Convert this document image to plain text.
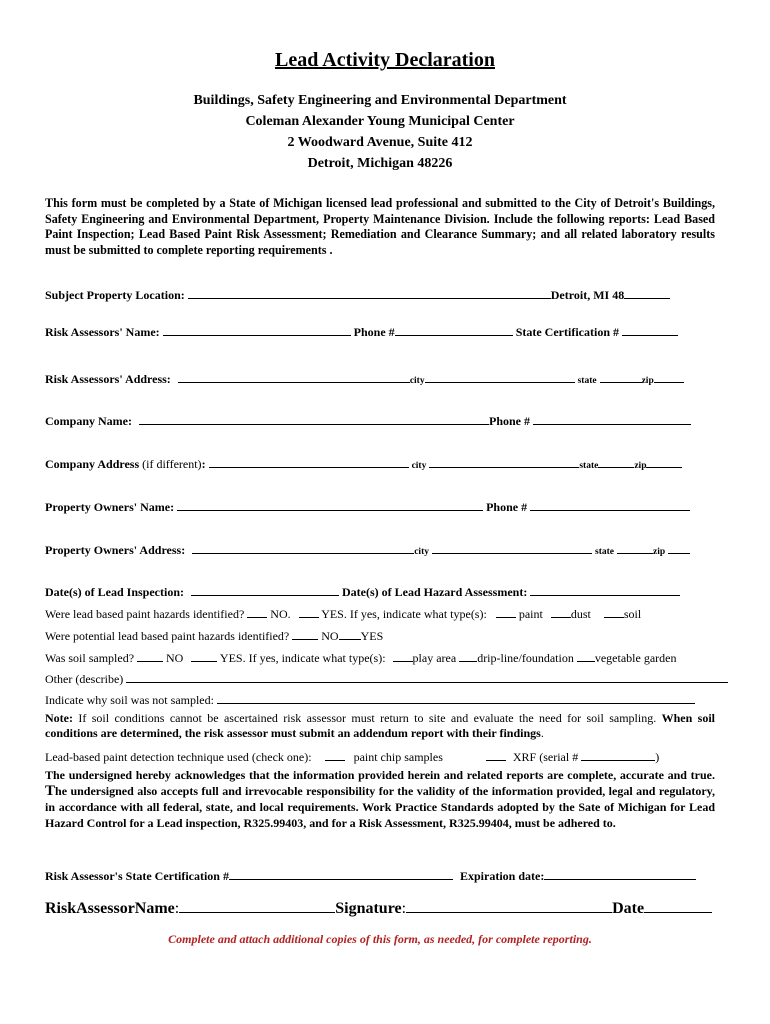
Lead Activity Declaration
Buildings, Safety Engineering and Environmental Department
Coleman Alexander Young Municipal Center
2 Woodward Avenue, Suite 412
Detroit, Michigan 48226
This form must be completed by a State of Michigan licensed lead professional and submitted to the City of Detroit's Buildings, Safety Engineering and Environmental Department, Property Maintenance Division. Include the following reports: Lead Based Paint Inspection; Lead Based Paint Risk Assessment; Remediation and Clearance Summary; and all related laboratory results must be submitted to complete reporting requirements .
Subject Property Location:	Detroit, MI 48
Risk Assessors' Name:	Phone #	State Certification #
Risk Assessors' Address:	city	state	zip
Company Name:	Phone #
Company Address (if different):	city	state	zip
Property Owners' Name:	Phone #
Property Owners' Address:	city	state	zip
Date(s) of Lead Inspection:	Date(s) of Lead Hazard Assessment:
Were lead based paint hazards identified? NO.	YES. If yes, indicate what type(s):	paint dust	soil
Were potential lead based paint hazards identified?	NO YES
Was soil sampled?	NO	YES. If yes, indicate what type(s): play area drip-line/foundation vegetable garden
Other (describe)
Indicate why soil was not sampled:
Note: If soil conditions cannot be ascertained risk assessor must return to site and evaluate the need for soil sampling. When soil conditions are determined, the risk assessor must submit an addendum report with their findings.
Lead-based paint detection technique used (check one):	paint chip samples	XRF (serial #	)
The undersigned hereby acknowledges that the information provided herein and related reports are complete, accurate and true. The undersigned also accepts full and irrevocable responsibility for the validity of the information provided, legal and regulatory, in accordance with all federal, state, and local requirements. Work Practice Standards adopted by the Sate of Michigan for Lead Hazard Control for a Lead inspection, R325.99403, and for a Risk Assessment, R325.99404, must be adhered to.
Risk Assessor's State Certification #	Expiration date:
RiskAssessorName:	Signature:	Date
Complete and attach additional copies of this form, as needed, for complete reporting.
